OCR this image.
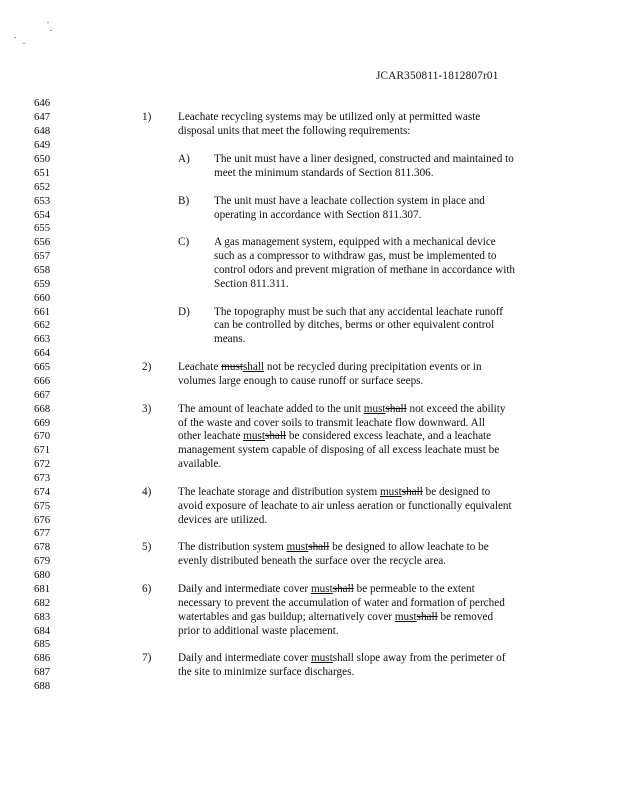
JCAR350811-1812807r01
646
647
648
649
650
651
652
653
654
655
656
657
658
659
660
661
662
663
664
665
666
667
668
669
670
671
672
673
674
675
676
677
678
679
680
681
682
683
684
685
686
687
688
1) Leachate recycling systems may be utilized only at permitted waste
disposal units that meet the following requirements:
A) The unit must have a liner designed, constructed and maintained to
meet the minimum standards of Section 811.306.
B) The unit must have a leachate collection system in place and
operating in accordance with Section 811.307.
C) A gas management system, equipped with a mechanical device
such as a compressor to withdraw gas, must be implemented to
control odors and prevent migration of methane in accordance with
Section 811.311.
D) The topography must be such that any accidental leachate runoff
can be controlled by ditches, berms or other equivalent control
means.
2) Leachate mustshall not be recycled during precipitation events or in
volumes large enough to cause runoff or surface seeps.
3) The amount of leachate added to the unit mustshall not exceed the ability
of the waste and cover soils to transmit leachate flow downward. All
other leachate mustshall be considered excess leachate, and a leachate
management system capable of disposing of all excess leachate must be
available.
4) The leachate storage and distribution system mustshall be designed to
avoid exposure of leachate to air unless aeration or functionally equivalent
devices are utilized.
5) The distribution system mustshall be designed to allow leachate to be
evenly distributed beneath the surface over the recycle area.
6) Daily and intermediate cover mustshall be permeable to the extent
necessary to prevent the accumulation of water and formation of perched
watertables and gas buildup; alternatively cover mustshall be removed
prior to additional waste placement.
7) Daily and intermediate cover mustshall slope away from the perimeter of
the site to minimize surface discharges.
